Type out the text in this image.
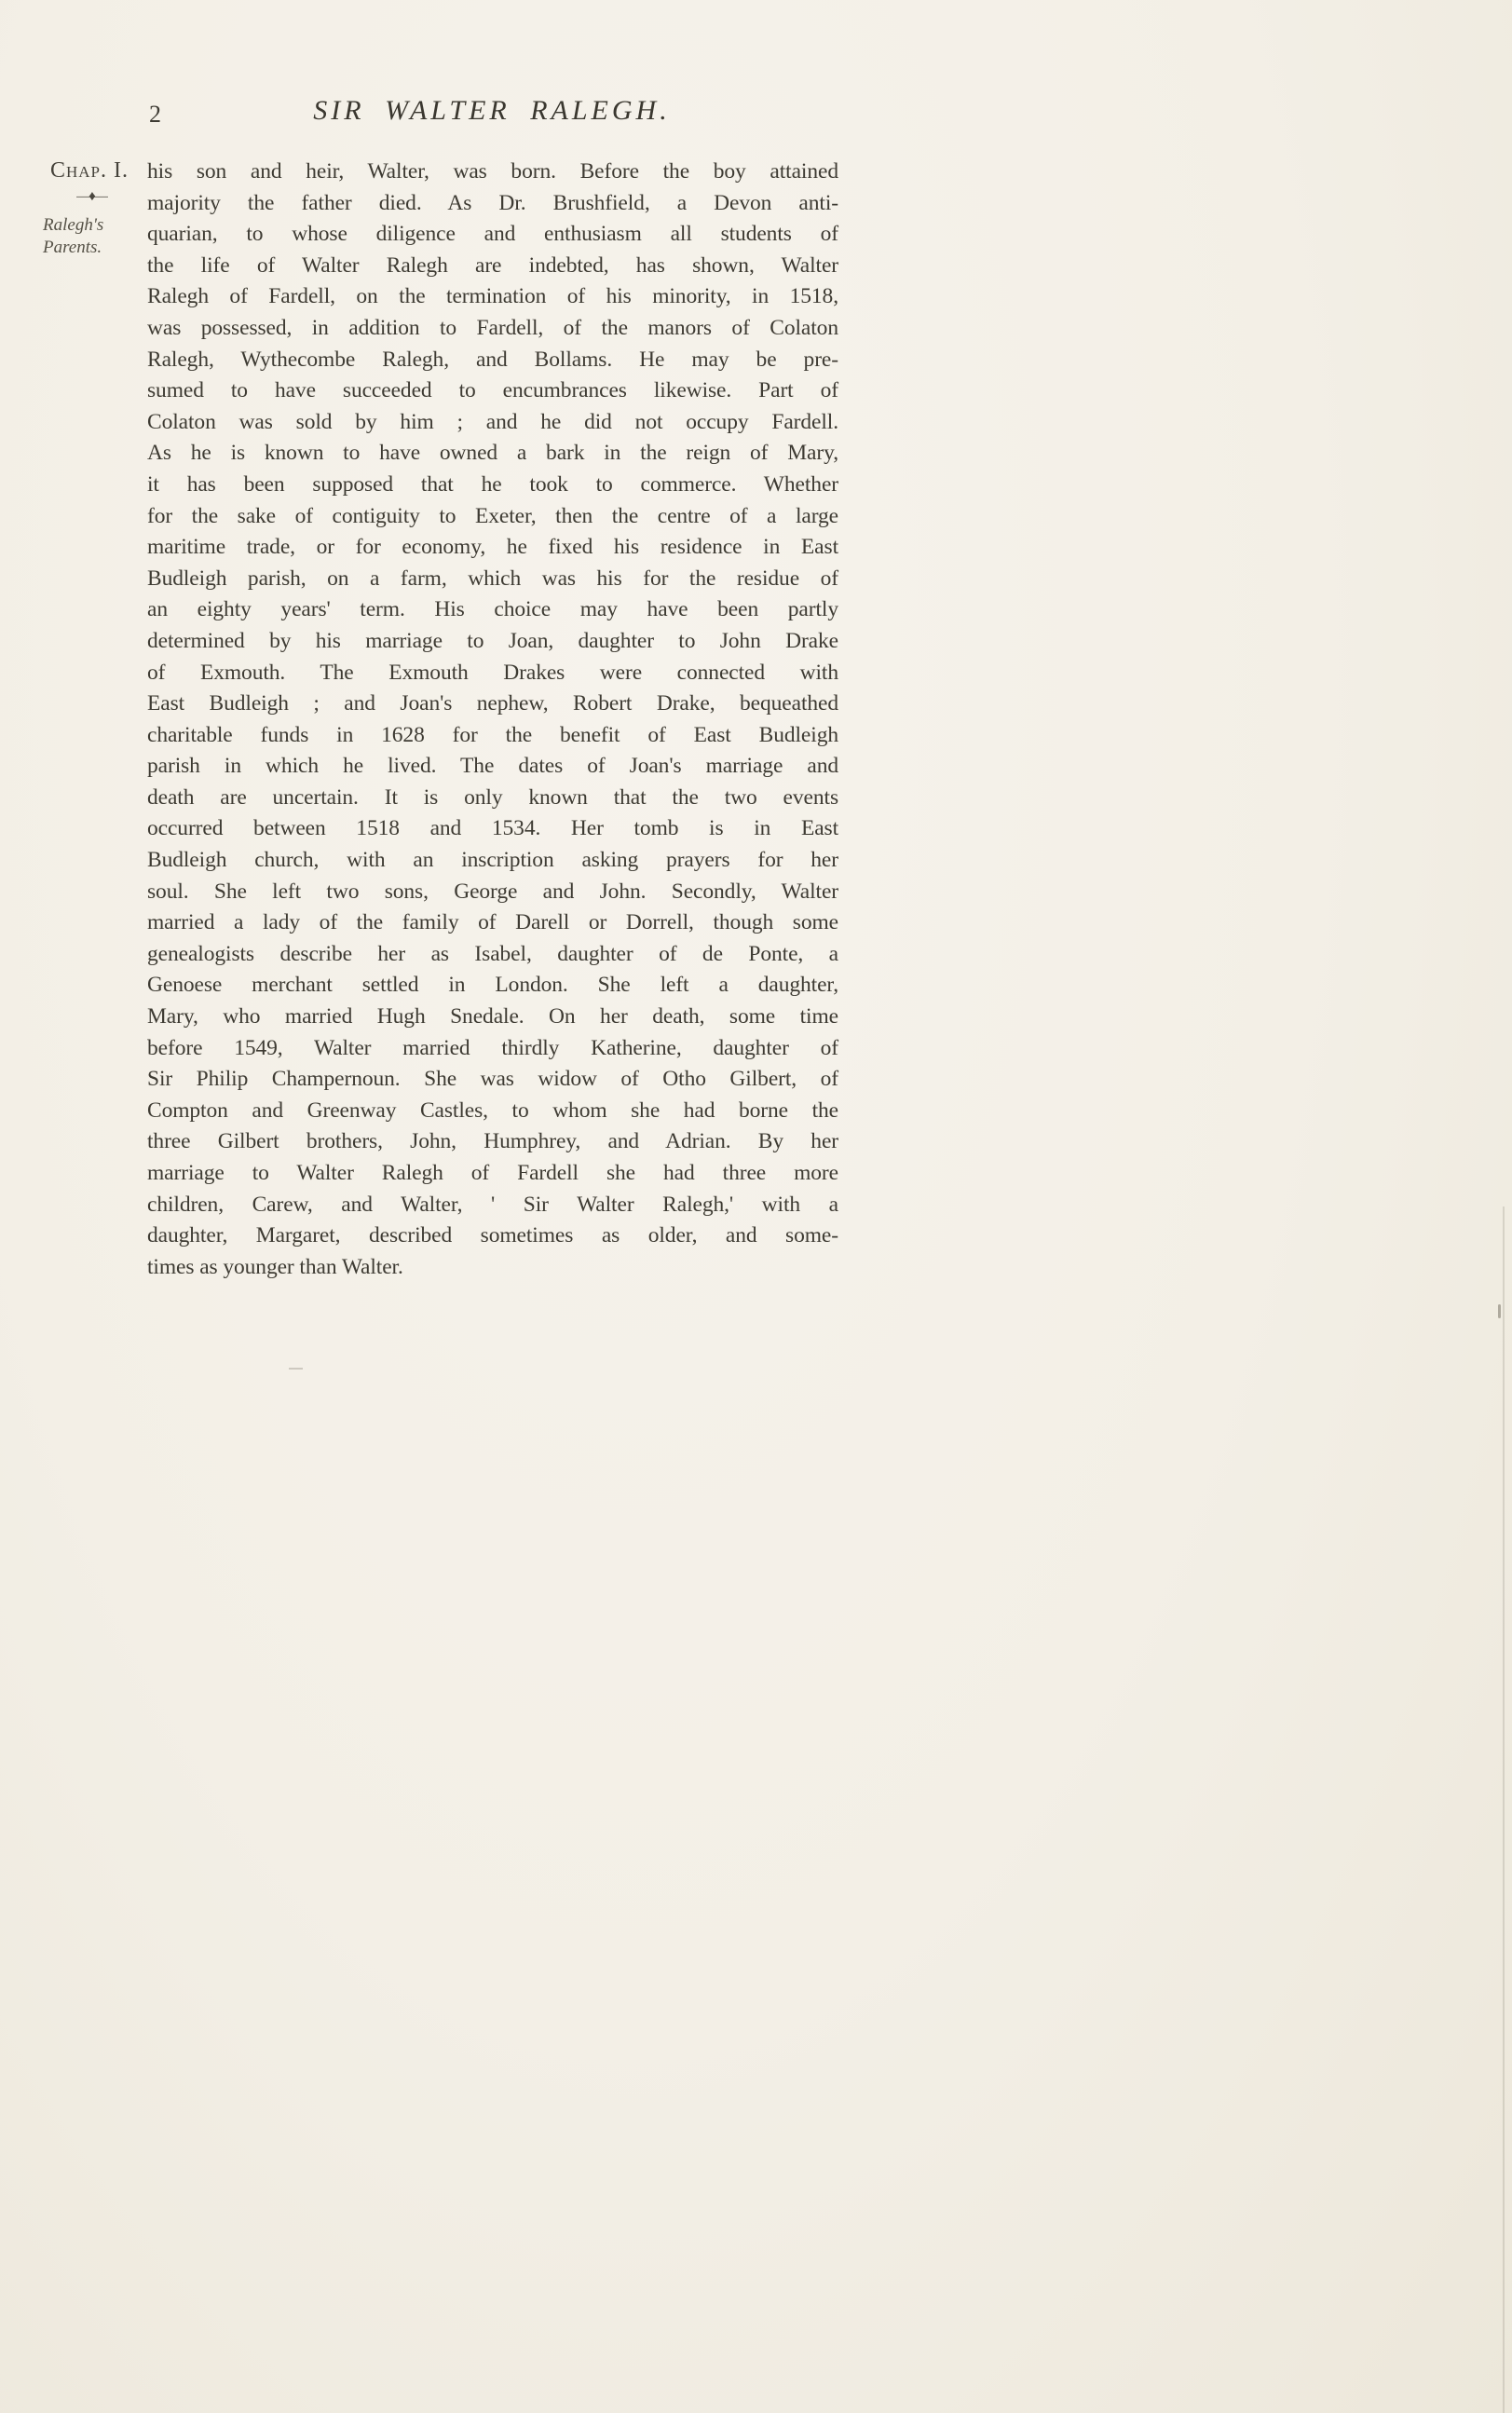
2	SIR WALTER RALEGH.
Chap. I.
—♦—
Ralegh's
Parents.
his son and heir, Walter, was born. Before the boy attained
majority the father died. As Dr. Brushfield, a Devon anti-
quarian, to whose diligence and enthusiasm all students of
the life of Walter Ralegh are indebted, has shown, Walter
Ralegh of Fardell, on the termination of his minority, in 1518,
was possessed, in addition to Fardell, of the manors of Colaton
Ralegh, Wythecombe Ralegh, and Bollams. He may be pre-
sumed to have succeeded to encumbrances likewise. Part of
Colaton was sold by him ; and he did not occupy Fardell.
As he is known to have owned a bark in the reign of Mary,
it has been supposed that he took to commerce. Whether
for the sake of contiguity to Exeter, then the centre of a large
maritime trade, or for economy, he fixed his residence in East
Budleigh parish, on a farm, which was his for the residue of
an eighty years' term. His choice may have been partly
determined by his marriage to Joan, daughter to John Drake
of Exmouth. The Exmouth Drakes were connected with
East Budleigh ; and Joan's nephew, Robert Drake, bequeathed
charitable funds in 1628 for the benefit of East Budleigh
parish in which he lived. The dates of Joan's marriage and
death are uncertain. It is only known that the two events
occurred between 1518 and 1534. Her tomb is in East
Budleigh church, with an inscription asking prayers for her
soul. She left two sons, George and John. Secondly, Walter
married a lady of the family of Darell or Dorrell, though some
genealogists describe her as Isabel, daughter of de Ponte, a
Genoese merchant settled in London. She left a daughter,
Mary, who married Hugh Snedale. On her death, some time
before 1549, Walter married thirdly Katherine, daughter of
Sir Philip Champernoun. She was widow of Otho Gilbert, of
Compton and Greenway Castles, to whom she had borne the
three Gilbert brothers, John, Humphrey, and Adrian. By her
marriage to Walter Ralegh of Fardell she had three more
children, Carew, and Walter, ' Sir Walter Ralegh,' with a
daughter, Margaret, described sometimes as older, and some-
times as younger than Walter.
